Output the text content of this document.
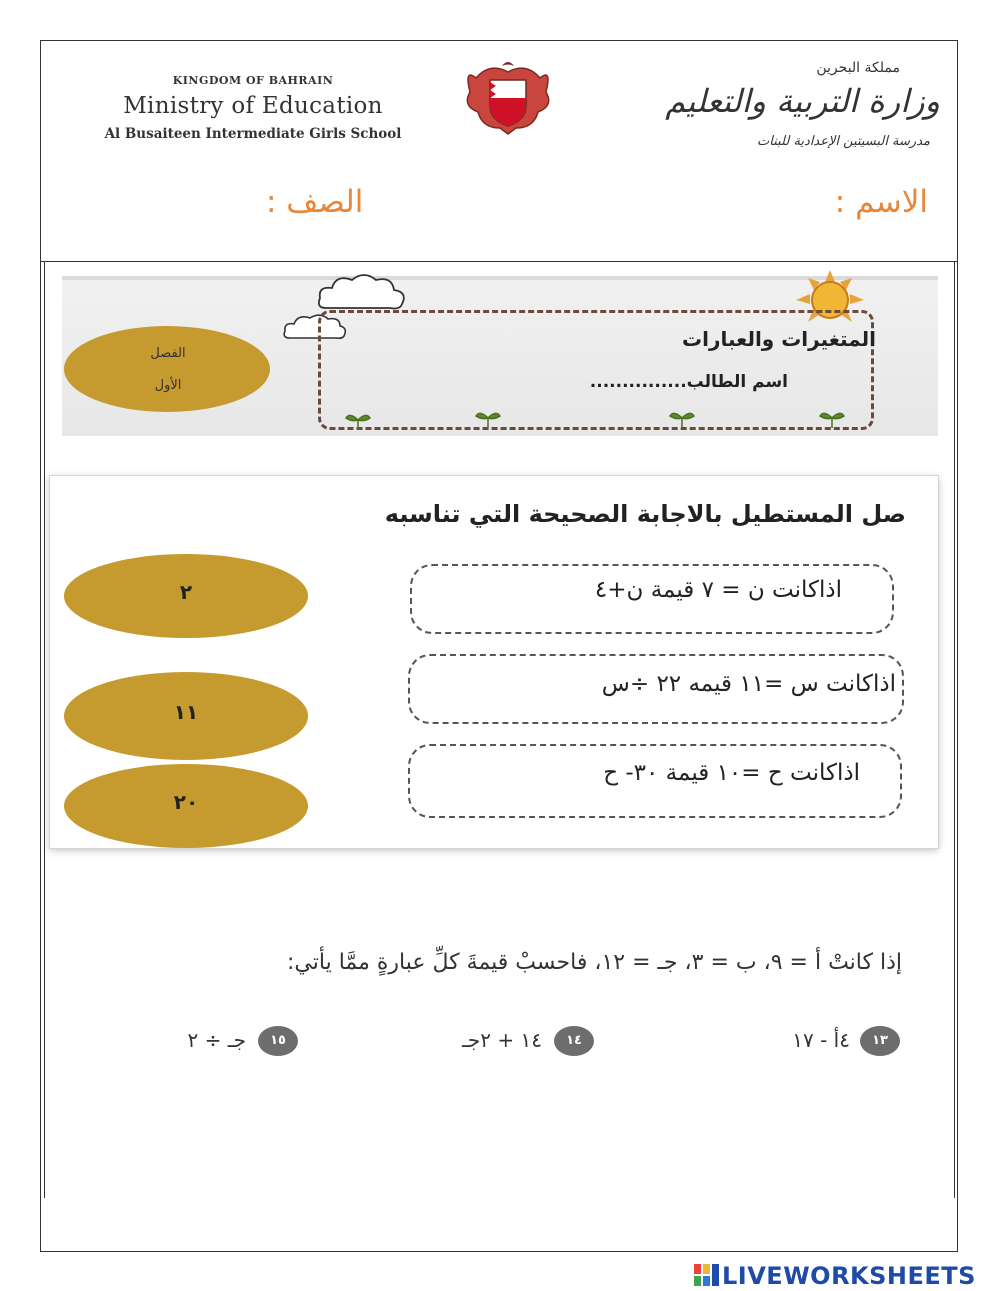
KINGDOM OF BAHRAIN
Ministry of Education
Al Busaiteen Intermediate Girls School
مملكة البحرين
وزارة التربية والتعليم
مدرسة البسيتين الإعدادية للبنات
الاسم :
الصف :
المتغيرات والعبارات
اسم الطالب...............
الفصل
الأول
صل المستطيل بالاجابة الصحيحة التي تناسبه
٢
١١
٢٠
اذاكانت ن = ٧ قيمة ن+٤
اذاكانت س =١١ قيمه ٢٢ ÷س
اذاكانت ح =١٠ قيمة ٣٠- ح
إذا كانتْ أ = ٩، ب = ٣، جـ = ١٢، فاحسبْ قيمةَ كلِّ عبارةٍ ممَّا يأتي:
١٣
٤أ - ١٧
١٤
١٤ + ٢جـ
١٥
جـ ÷ ٢
LIVEWORKSHEETS
